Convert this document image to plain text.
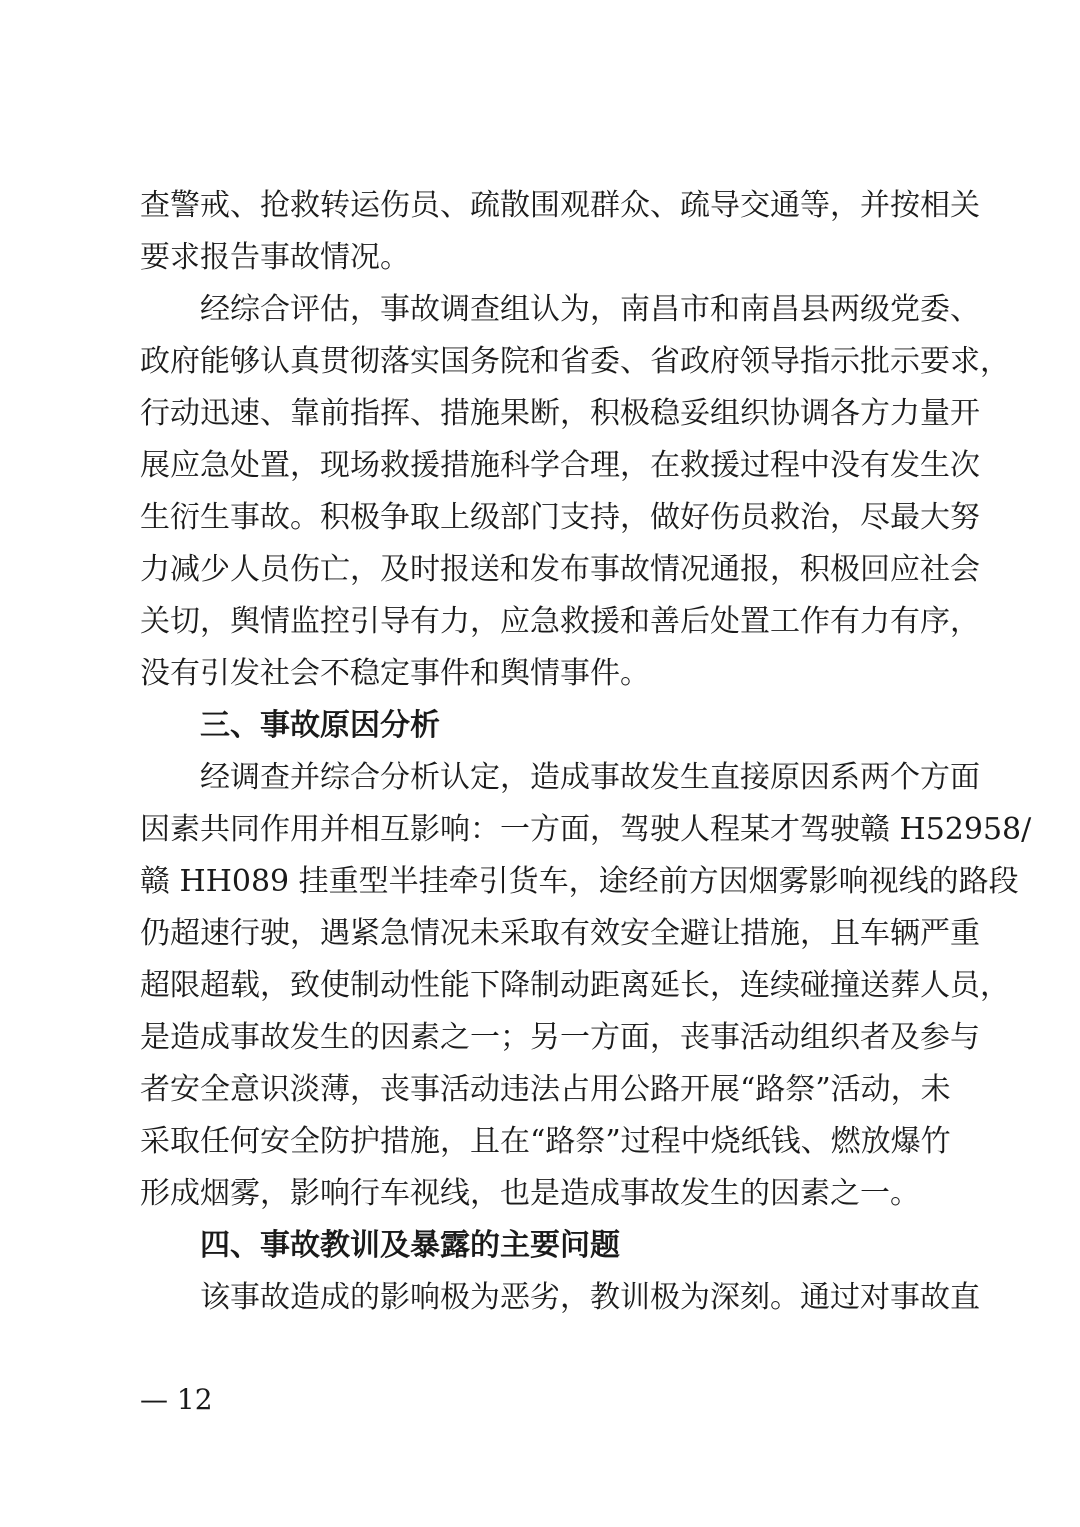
查警戒、抢救转运伤员、疏散围观群众、疏导交通等，并按相关
要求报告事故情况。
经综合评估，事故调查组认为，南昌市和南昌县两级党委、
政府能够认真贯彻落实国务院和省委、省政府领导指示批示要求，
行动迅速、靠前指挥、措施果断，积极稳妥组织协调各方力量开
展应急处置，现场救援措施科学合理，在救援过程中没有发生次
生衍生事故。积极争取上级部门支持，做好伤员救治，尽最大努
力减少人员伤亡，及时报送和发布事故情况通报，积极回应社会
关切，舆情监控引导有力，应急救援和善后处置工作有力有序，
没有引发社会不稳定事件和舆情事件。
三、事故原因分析
经调查并综合分析认定，造成事故发生直接原因系两个方面
因素共同作用并相互影响：一方面，驾驶人程某才驾驶赣 H52958/
赣 HH089 挂重型半挂牵引货车，途经前方因烟雾影响视线的路段
仍超速行驶，遇紧急情况未采取有效安全避让措施，且车辆严重
超限超载，致使制动性能下降制动距离延长，连续碰撞送葬人员，
是造成事故发生的因素之一；另一方面，丧事活动组织者及参与
者安全意识淡薄，丧事活动违法占用公路开展“路祭”活动，未
采取任何安全防护措施，且在“路祭”过程中烧纸钱、燃放爆竹
形成烟雾，影响行车视线，也是造成事故发生的因素之一。
四、事故教训及暴露的主要问题
该事故造成的影响极为恶劣，教训极为深刻。通过对事故直
— 12
